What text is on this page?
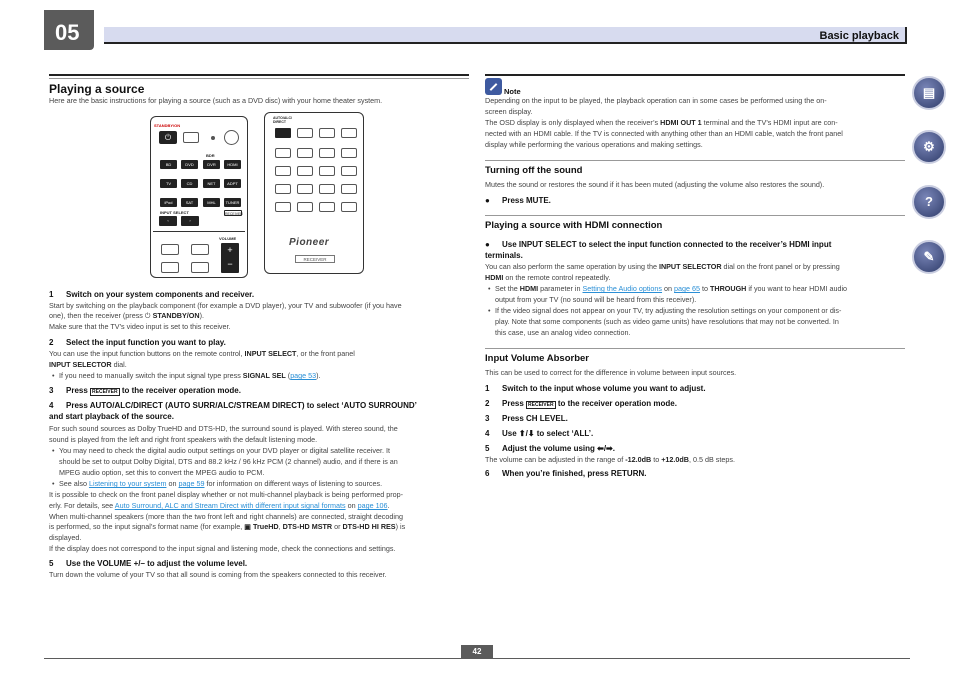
05	Basic playback
▤
⚙
?
✎
Playing a source
Here are the basic instructions for playing a source (such as a DVD disc) with your home theater system.
STANDBY/ON
⏻
BDR
BD	DVD	DVR	HDMI
TV	CD	NET	ADPT
iPod	SAT	MHL	TUNER
INPUT SELECT
‹	›
RECEIVER
VOLUME
+
−
AUTO/ALC/ DIRECT
Pioneer
RECEIVER
1 Switch on your system components and receiver.
Start by switching on the playback component (for example a DVD player), your TV and subwoofer (if you have
one), then the receiver (press ⏻ STANDBY/ON).
Make sure that the TV’s video input is set to this receiver.
2 Select the input function you want to play.
You can use the input function buttons on the remote control, INPUT SELECT, or the front panel
INPUT SELECTOR dial.
• If you need to manually switch the input signal type press SIGNAL SEL (page 53).
3 Press RECEIVER to the receiver operation mode.
4 Press AUTO/ALC/DIRECT (AUTO SURR/ALC/STREAM DIRECT) to select ‘AUTO SURROUND’
and start playback of the source.
For such sound sources as Dolby TrueHD and DTS-HD, the surround sound is played. With stereo sound, the
sound is played from the left and right front speakers with the default listening mode.
• You may need to check the digital audio output settings on your DVD player or digital satellite receiver. It
should be set to output Dolby Digital, DTS and 88.2 kHz / 96 kHz PCM (2 channel) audio, and if there is an
MPEG audio option, set this to convert the MPEG audio to PCM.
• See also Listening to your system on page 59 for information on different ways of listening to sources.
It is possible to check on the front panel display whether or not multi-channel playback is being performed prop-
erly. For details, see Auto Surround, ALC and Stream Direct with different input signal formats on page 106.
When multi-channel speakers (more than the two front left and right channels) are connected, straight decoding
is performed, so the input signal’s format name (for example, ▣ TrueHD, DTS-HD MSTR or DTS-HD HI RES) is
displayed.
If the display does not correspond to the input signal and listening mode, check the connections and settings.
5 Use the VOLUME +/– to adjust the volume level.
Turn down the volume of your TV so that all sound is coming from the speakers connected to this receiver.
Note
Depending on the input to be played, the playback operation can in some cases be performed using the on-
screen display.
The OSD display is only displayed when the receiver’s HDMI OUT 1 terminal and the TV’s HDMI input are con-
nected with an HDMI cable. If the TV is connected with anything other than an HDMI cable, watch the front panel
display while performing the various operations and making settings.
Turning off the sound
Mutes the sound or restores the sound if it has been muted (adjusting the volume also restores the sound).
● Press MUTE.
Playing a source with HDMI connection
● Use INPUT SELECT to select the input function connected to the receiver’s HDMI input
terminals.
You can also perform the same operation by using the INPUT SELECTOR dial on the front panel or by pressing
HDMI on the remote control repeatedly.
• Set the HDMI parameter in Setting the Audio options on page 65 to THROUGH if you want to hear HDMI audio
output from your TV (no sound will be heard from this receiver).
• If the video signal does not appear on your TV, try adjusting the resolution settings on your component or dis-
play. Note that some components (such as video game units) have resolutions that may not be converted. In
this case, use an analog video connection.
Input Volume Absorber
This can be used to correct for the difference in volume between input sources.
1 Switch to the input whose volume you want to adjust.
2 Press RECEIVER to the receiver operation mode.
3 Press CH LEVEL.
4 Use ⬆/⬇ to select ‘ALL’.
5 Adjust the volume using ⬅/➡.
The volume can be adjusted in the range of -12.0dB to +12.0dB, 0.5 dB steps.
6 When you’re finished, press RETURN.
42
